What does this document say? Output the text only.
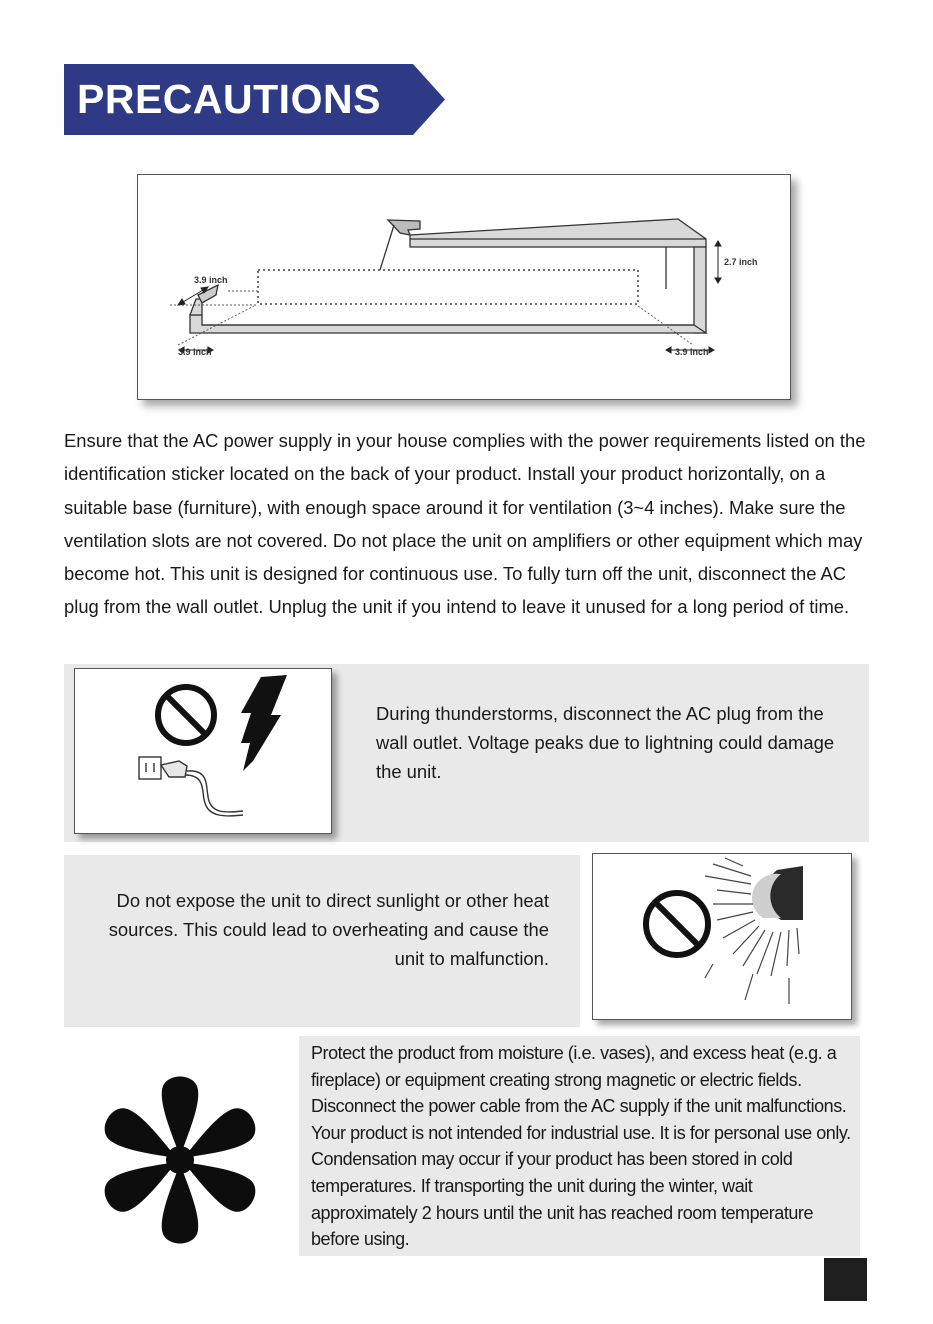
PRECAUTIONS
3.9 inch
2.7 inch
3.9 inch	3.9 inch
Ensure that the AC power supply in your house complies with the power requirements listed on the identification sticker located on the back of your product. Install your product horizontally, on a suitable base (furniture), with enough space around it for ventilation (3~4 inches). Make sure the ventilation slots are not covered. Do not place the unit on amplifiers or other equipment which may become hot. This unit is designed for continuous use. To fully turn off the unit, disconnect the AC plug from the wall outlet. Unplug the unit if you intend to leave it unused for a long period of time.
During thunderstorms, disconnect the AC plug from the wall outlet. Voltage peaks due to lightning could damage the unit.
Do not expose the unit to direct sunlight or other heat sources. This could lead to overheating and cause the unit to malfunction.
Protect the product from moisture (i.e. vases), and excess heat (e.g. a fireplace) or equipment creating strong magnetic or electric fields. Disconnect the power cable from the AC supply if the unit malfunctions. Your product is not intended for industrial use. It is for personal use only. Condensation may occur if your product has been stored in cold temperatures. If transporting the unit during the winter, wait approximately 2 hours until the unit has reached room temperature before using.
